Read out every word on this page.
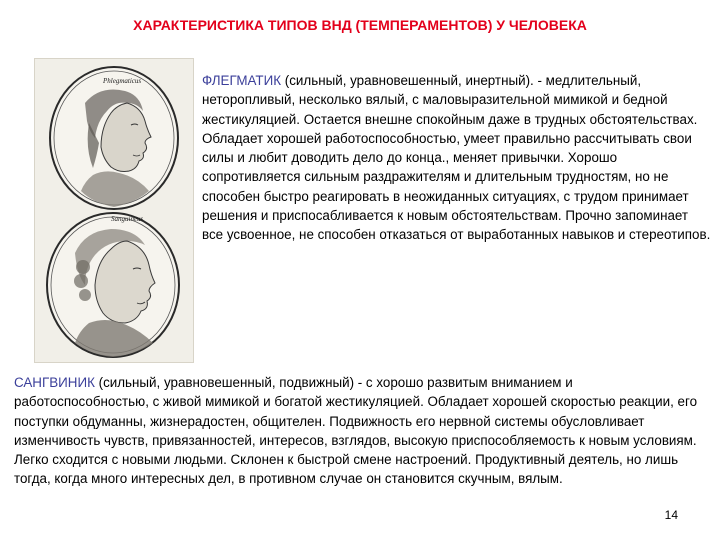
ХАРАКТЕРИСТИКА ТИПОВ ВНД (ТЕМПЕРАМЕНТОВ) У ЧЕЛОВЕКА
Phlegmaticus
Sanguineus
ФЛЕГМАТИК (сильный, уравновешенный, инертный). - медлительный, неторопливый, несколько вялый, с маловыразительной мимикой и бедной жестикуляцией. Остается внешне спокойным даже в трудных обстоятельствах. Обладает хорошей работоспособностью, умеет правильно рассчитывать свои силы и любит доводить дело до конца., меняет привычки. Хорошо сопротивляется сильным раздражителям и длительным трудностям, но не способен быстро реагировать в неожиданных ситуациях, с трудом принимает решения и приспосабливается к новым обстоятельствам. Прочно запоминает все усвоенное, не способен отказаться от выработанных навыков и стереотипов.
САНГВИНИК (сильный, уравновешенный, подвижный) - с хорошо развитым вниманием и работоспособностью, с живой мимикой и богатой жестикуляцией. Обладает хорошей скоростью реакции, его поступки обдуманны, жизнерадостен, общителен. Подвижность его нервной системы обусловливает изменчивость чувств, привязанностей, интересов, взглядов, высокую приспособляемость к новым условиям. Легко сходится с новыми людьми. Склонен к быстрой смене настроений. Продуктивный деятель, но лишь тогда, когда много интересных дел, в противном случае он становится скучным, вялым.
14
